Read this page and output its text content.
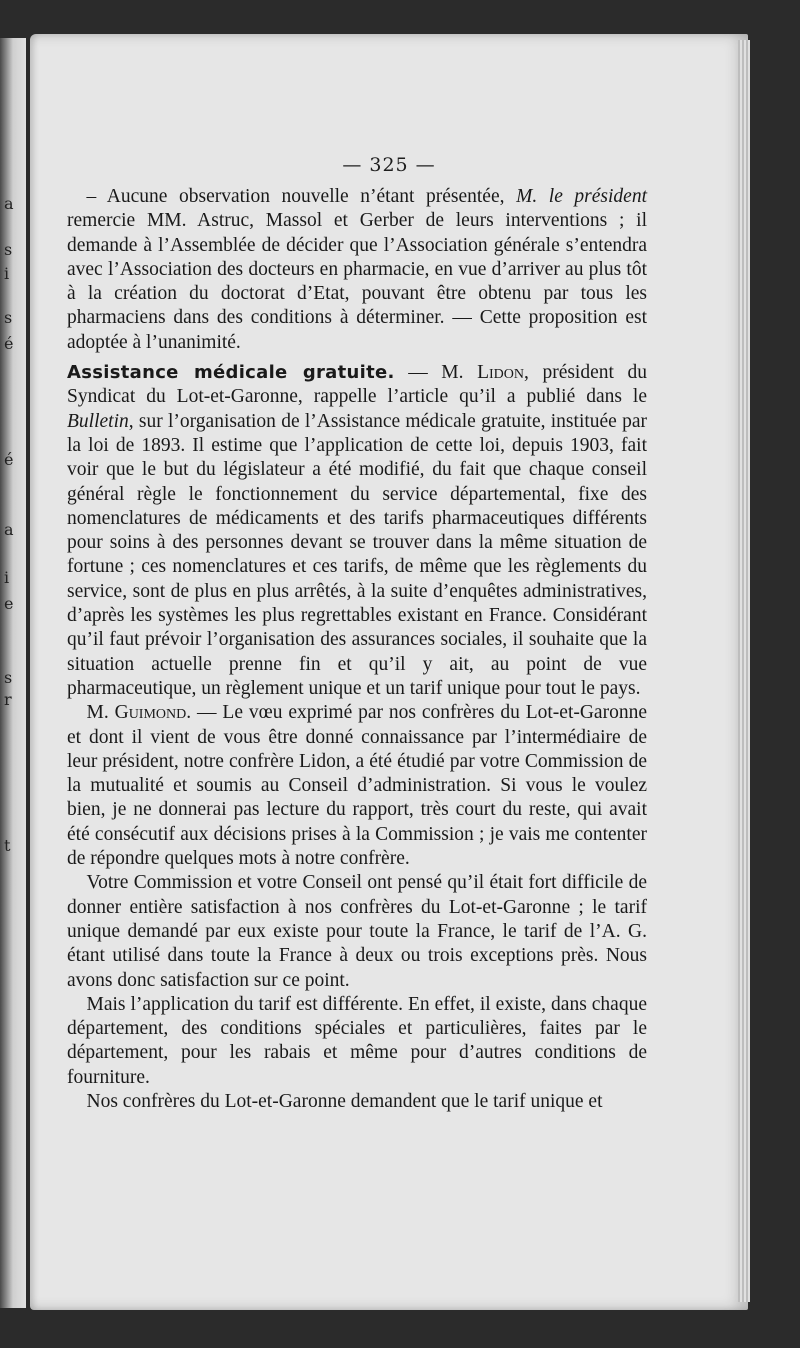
a
s
i
s
é
é
a
i
e
s
r
t
— 325 —

– Aucune observation nouvelle n’étant présentée, M. le président remercie MM. Astruc, Massol et Gerber de leurs interventions ; il demande à l’Assemblée de décider que l’Association générale s’entendra avec l’Association des docteurs en pharmacie, en vue d’arriver au plus tôt à la création du doctorat d’Etat, pouvant être obtenu par tous les pharmaciens dans des conditions à déterminer. — Cette proposition est adoptée à l’unanimité.

Assistance médicale gratuite. — M. Lidon, président du Syndicat du Lot-et-Garonne, rappelle l’article qu’il a publié dans le Bulletin, sur l’organisation de l’Assistance médicale gratuite, instituée par la loi de 1893. Il estime que l’application de cette loi, depuis 1903, fait voir que le but du législateur a été modifié, du fait que chaque conseil général règle le fonctionnement du service départemental, fixe des nomenclatures de médicaments et des tarifs pharmaceutiques différents pour soins à des personnes devant se trouver dans la même situation de fortune ; ces nomenclatures et ces tarifs, de même que les règlements du service, sont de plus en plus arrêtés, à la suite d’enquêtes administratives, d’après les systèmes les plus regrettables existant en France. Considérant qu’il faut prévoir l’organisation des assurances sociales, il souhaite que la situation actuelle prenne fin et qu’il y ait, au point de vue pharmaceutique, un règlement unique et un tarif unique pour tout le pays.

M. Guimond. — Le vœu exprimé par nos confrères du Lot-et-Garonne et dont il vient de vous être donné connaissance par l’intermédiaire de leur président, notre confrère Lidon, a été étudié par votre Commission de la mutualité et soumis au Conseil d’administration. Si vous le voulez bien, je ne donnerai pas lecture du rapport, très court du reste, qui avait été consécutif aux décisions prises à la Commission ; je vais me contenter de répondre quelques mots à notre confrère.

Votre Commission et votre Conseil ont pensé qu’il était fort difficile de donner entière satisfaction à nos confrères du Lot-et-Garonne ; le tarif unique demandé par eux existe pour toute la France, le tarif de l’A. G. étant utilisé dans toute la France à deux ou trois exceptions près. Nous avons donc satisfaction sur ce point.

Mais l’application du tarif est différente. En effet, il existe, dans chaque département, des conditions spéciales et particulières, faites par le département, pour les rabais et même pour d’autres conditions de fourniture.

Nos confrères du Lot-et-Garonne demandent que le tarif unique et
